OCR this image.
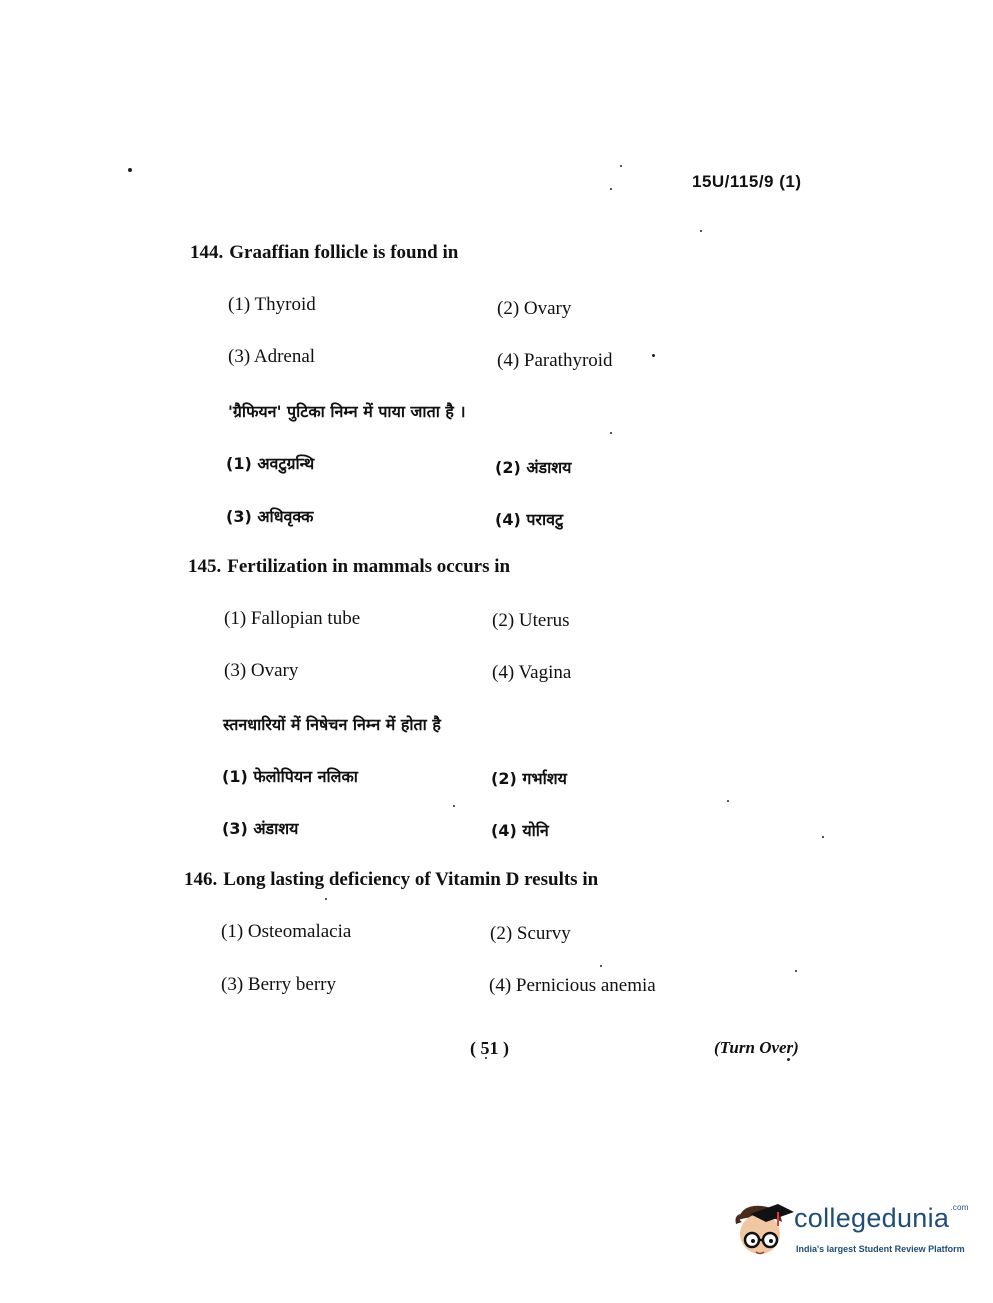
15U/115/9 (1)
144. Graaffian follicle is found in
(1) Thyroid	(2) Ovary
(3) Adrenal	(4) Parathyroid
'ग्रैफियन' पुटिका निम्न में पाया जाता है ।
(1) अवटुग्रन्थि	(2) अंडाशय
(3) अधिवृक्क	(4) परावटु
145. Fertilization in mammals occurs in
(1) Fallopian tube	(2) Uterus
(3) Ovary	(4) Vagina
स्तनधारियों में निषेचन निम्न में होता है
(1) फेलोपियन नलिका	(2) गर्भाशय
(3) अंडाशय	(4) योनि
146. Long lasting deficiency of Vitamin D results in
(1) Osteomalacia	(2) Scurvy
(3) Berry berry	(4) Pernicious anemia
( 51 )	(Turn Over)
collegedunia$^{.com}$
India's largest Student Review Platform
